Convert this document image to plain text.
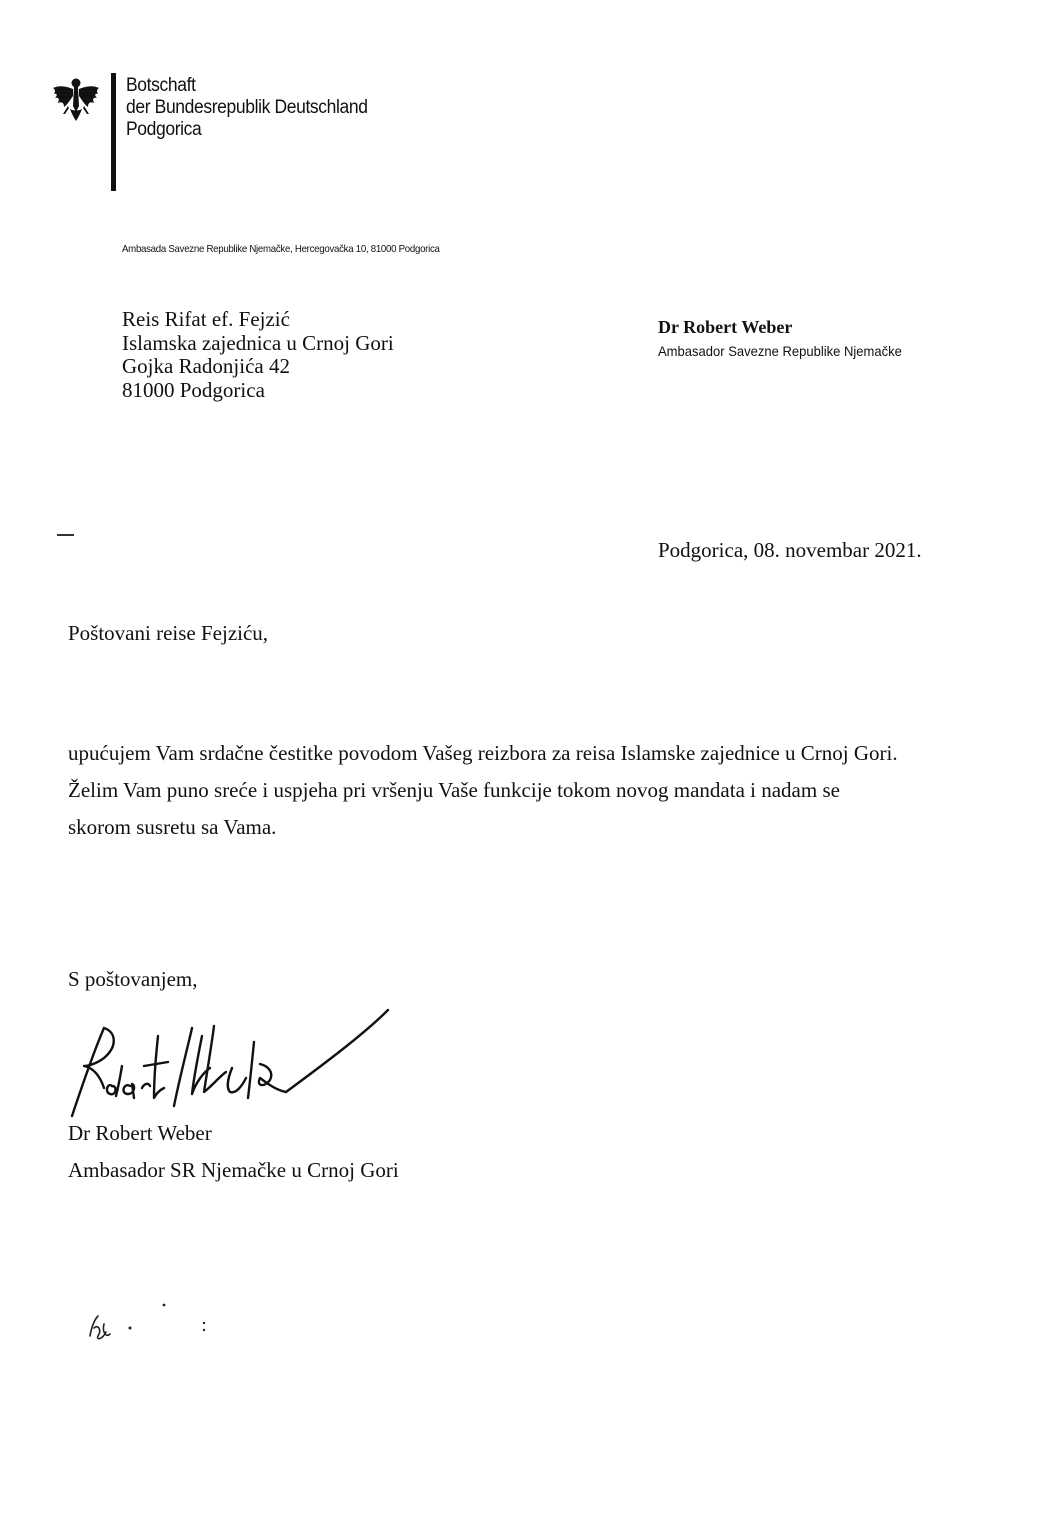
Botschaft
der Bundesrepublik Deutschland
Podgorica
Ambasada Savezne Republike Njemačke, Hercegovačka 10, 81000 Podgorica
Reis Rifat ef. Fejzić
Islamska zajednica u Crnoj Gori
Gojka Radonjića 42
81000 Podgorica
Dr Robert Weber
Ambasador Savezne Republike Njemačke
Podgorica, 08. novembar 2021.
Poštovani reise Fejziću,
upućujem Vam srdačne čestitke povodom Vašeg reizbora za reisa Islamske zajednice u Crnoj Gori.
Želim Vam puno sreće i uspjeha pri vršenju Vaše funkcije tokom novog mandata i nadam se
skorom susretu sa Vama.
S poštovanjem,
Dr Robert Weber
Ambasador SR Njemačke u Crnoj Gori
